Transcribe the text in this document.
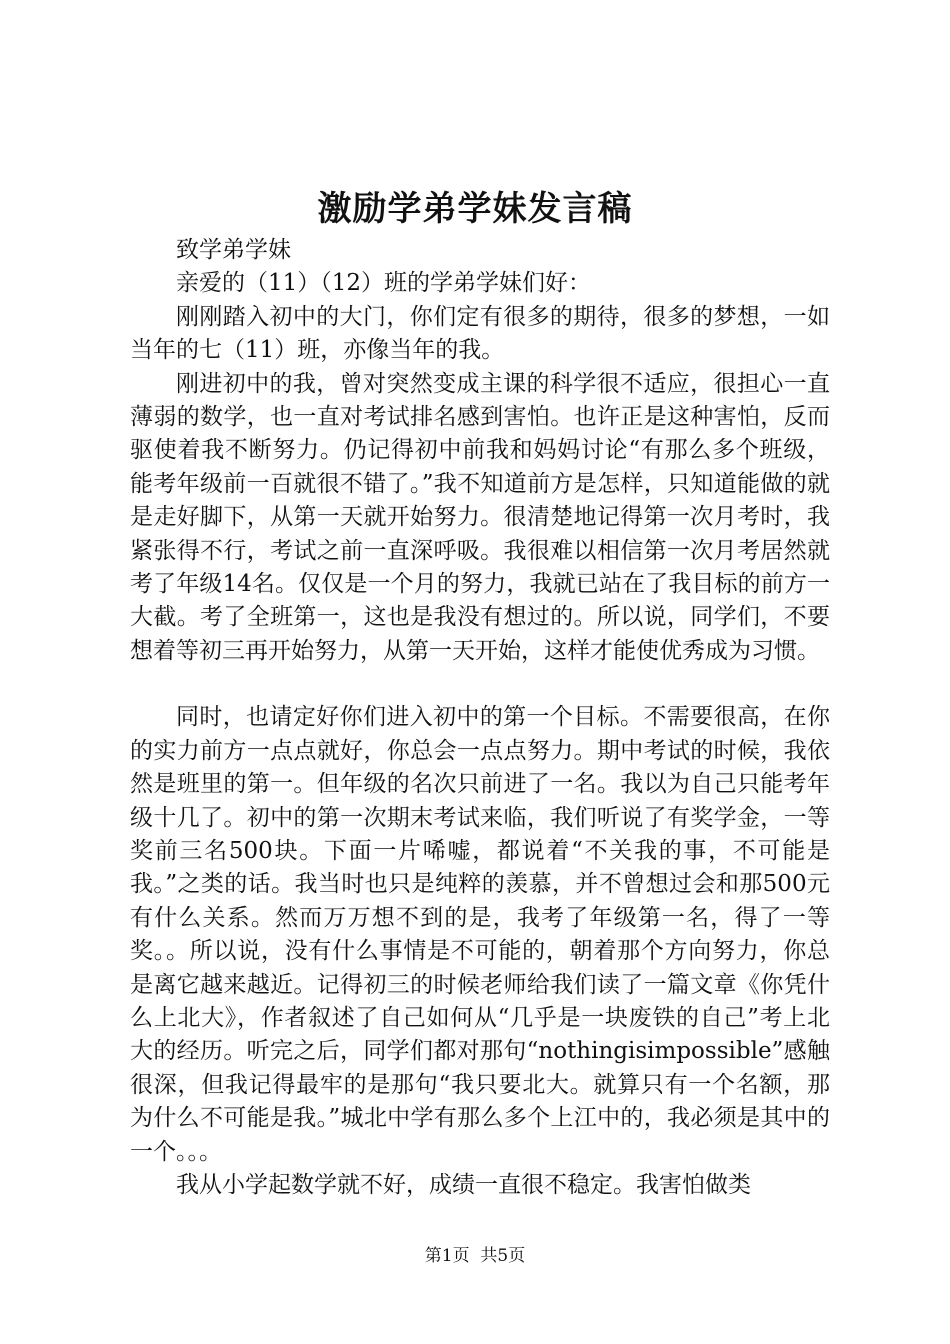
激励学弟学妹发言稿

致学弟学妹

亲爱的（11）（12）班的学弟学妹们好：

刚刚踏入初中的大门，你们定有很多的期待，很多的梦想，一如当年的七（11）班，亦像当年的我。

刚进初中的我，曾对突然变成主课的科学很不适应，很担心一直薄弱的数学，也一直对考试排名感到害怕。也许正是这种害怕，反而驱使着我不断努力。仍记得初中前我和妈妈讨论“有那么多个班级，能考年级前一百就很不错了。”我不知道前方是怎样，只知道能做的就是走好脚下，从第一天就开始努力。很清楚地记得第一次月考时，我紧张得不行，考试之前一直深呼吸。我很难以相信第一次月考居然就考了年级14名。仅仅是一个月的努力，我就已站在了我目标的前方一大截。考了全班第一，这也是我没有想过的。所以说，同学们，不要想着等初三再开始努力，从第一天开始，这样才能使优秀成为习惯。

同时，也请定好你们进入初中的第一个目标。不需要很高，在你的实力前方一点点就好，你总会一点点努力。期中考试的时候，我依然是班里的第一。但年级的名次只前进了一名。我以为自己只能考年级十几了。初中的第一次期末考试来临，我们听说了有奖学金，一等奖前三名500块。下面一片唏嘘，都说着“不关我的事，不可能是我。”之类的话。我当时也只是纯粹的羡慕，并不曾想过会和那500元有什么关系。然而万万想不到的是，我考了年级第一名，得了一等奖。。所以说，没有什么事情是不可能的，朝着那个方向努力，你总是离它越来越近。记得初三的时候老师给我们读了一篇文章《你凭什么上北大》，作者叙述了自己如何从“几乎是一块废铁的自己”考上北大的经历。听完之后，同学们都对那句“nothingisimpossible”感触很深，但我记得最牢的是那句“我只要北大。就算只有一个名额，那为什么不可能是我。”城北中学有那么多个上江中的，我必须是其中的一个。。。

我从小学起数学就不好，成绩一直很不稳定。我害怕做类

第1页 共5页
